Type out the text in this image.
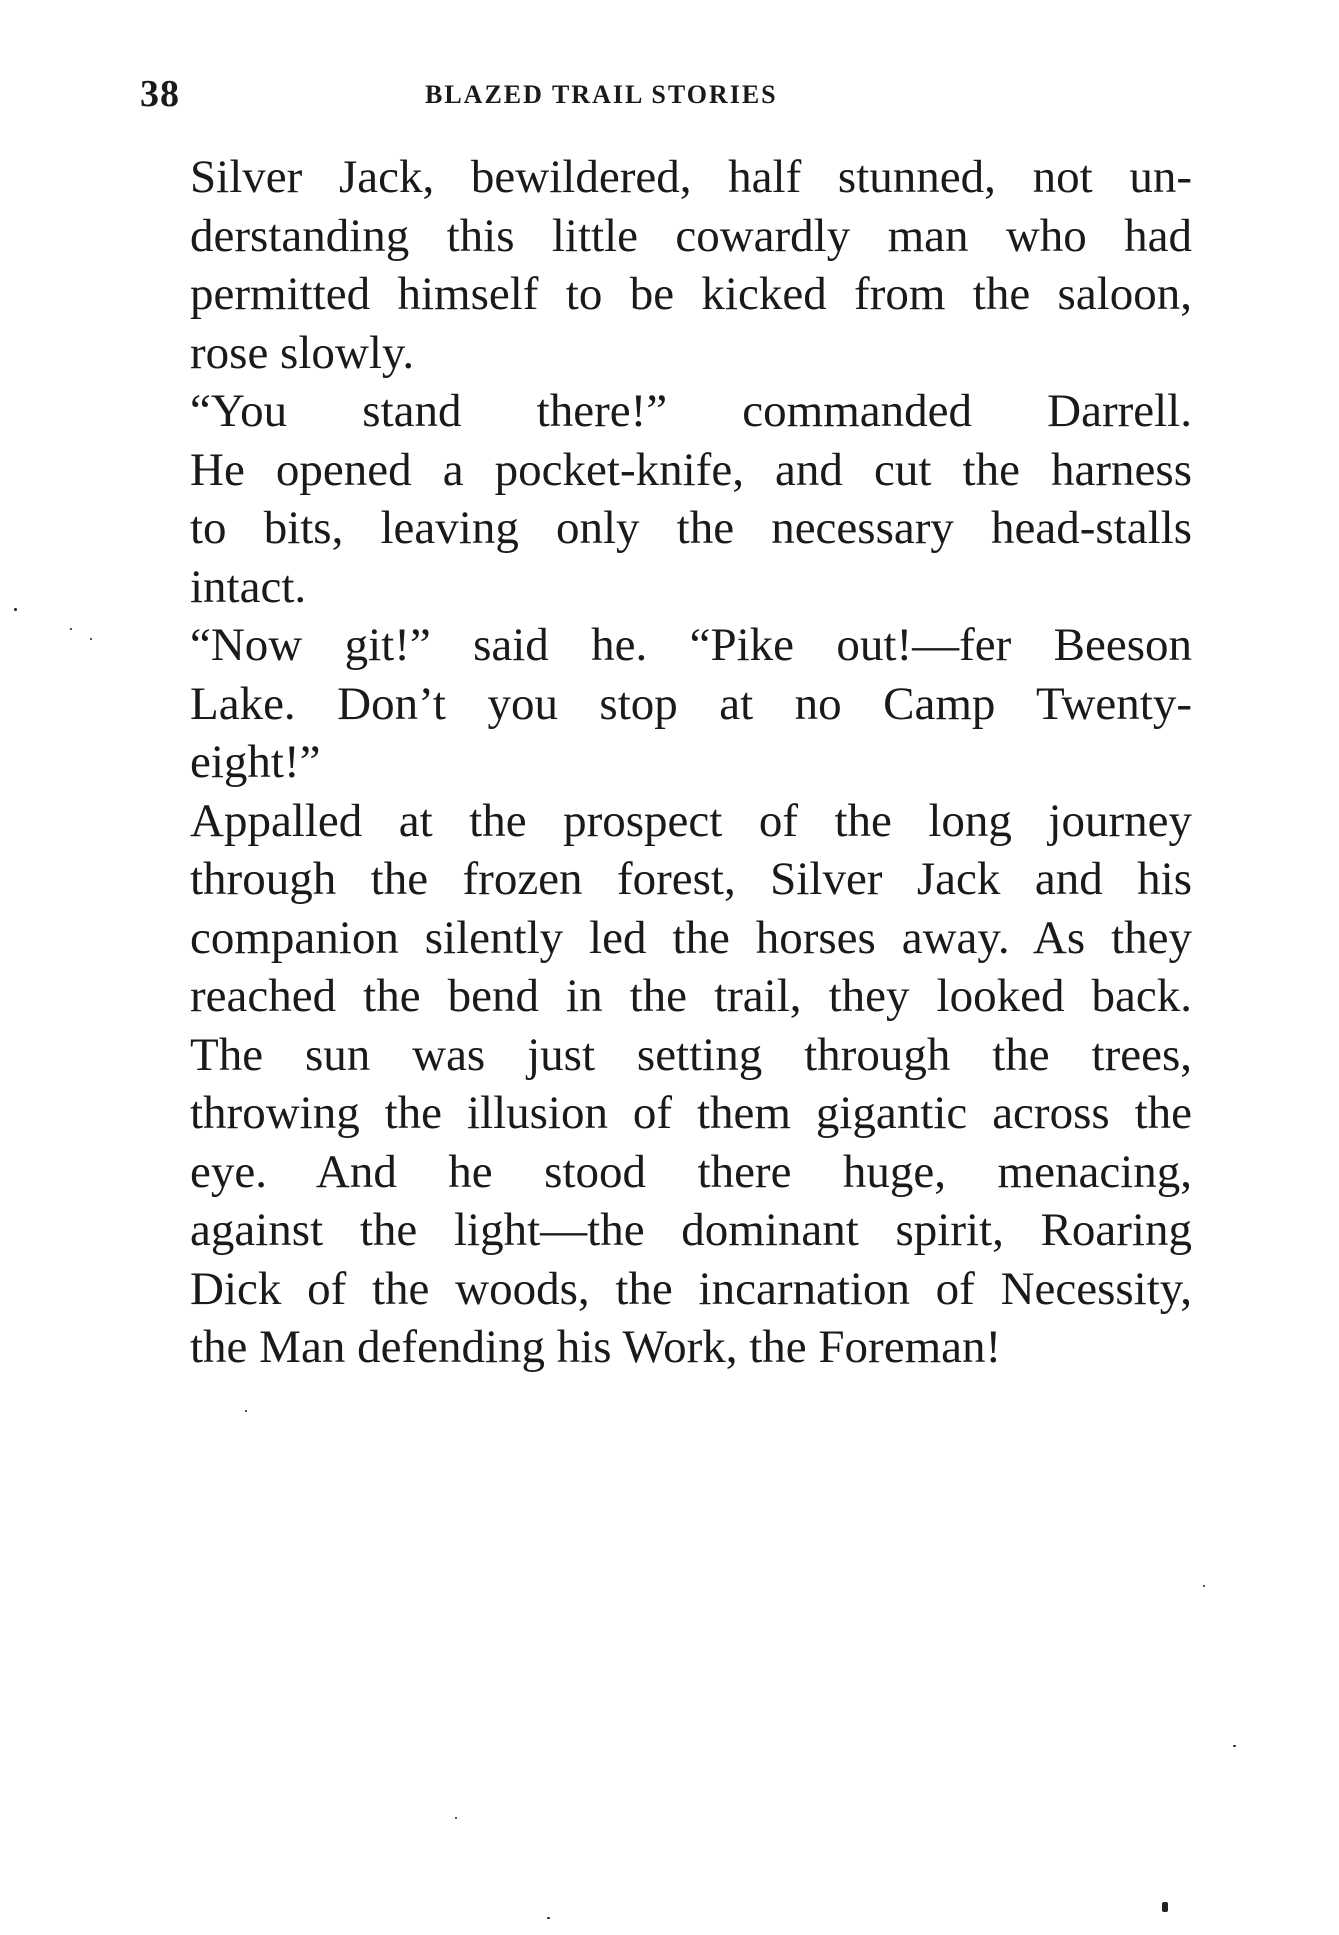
38	BLAZED TRAIL STORIES
Silver Jack, bewildered, half stunned, not un-
derstanding this little cowardly man who had
permitted himself to be kicked from the saloon,
rose slowly.
“You stand there!” commanded Darrell.
He opened a pocket-knife, and cut the harness
to bits, leaving only the necessary head-stalls
intact.
“Now git!” said he. “Pike out!—fer Beeson
Lake. Don’t you stop at no Camp Twenty-
eight!”
Appalled at the prospect of the long journey
through the frozen forest, Silver Jack and his
companion silently led the horses away. As they
reached the bend in the trail, they looked back.
The sun was just setting through the trees,
throwing the illusion of them gigantic across the
eye. And he stood there huge, menacing,
against the light—the dominant spirit, Roaring
Dick of the woods, the incarnation of Necessity,
the Man defending his Work, the Foreman!
